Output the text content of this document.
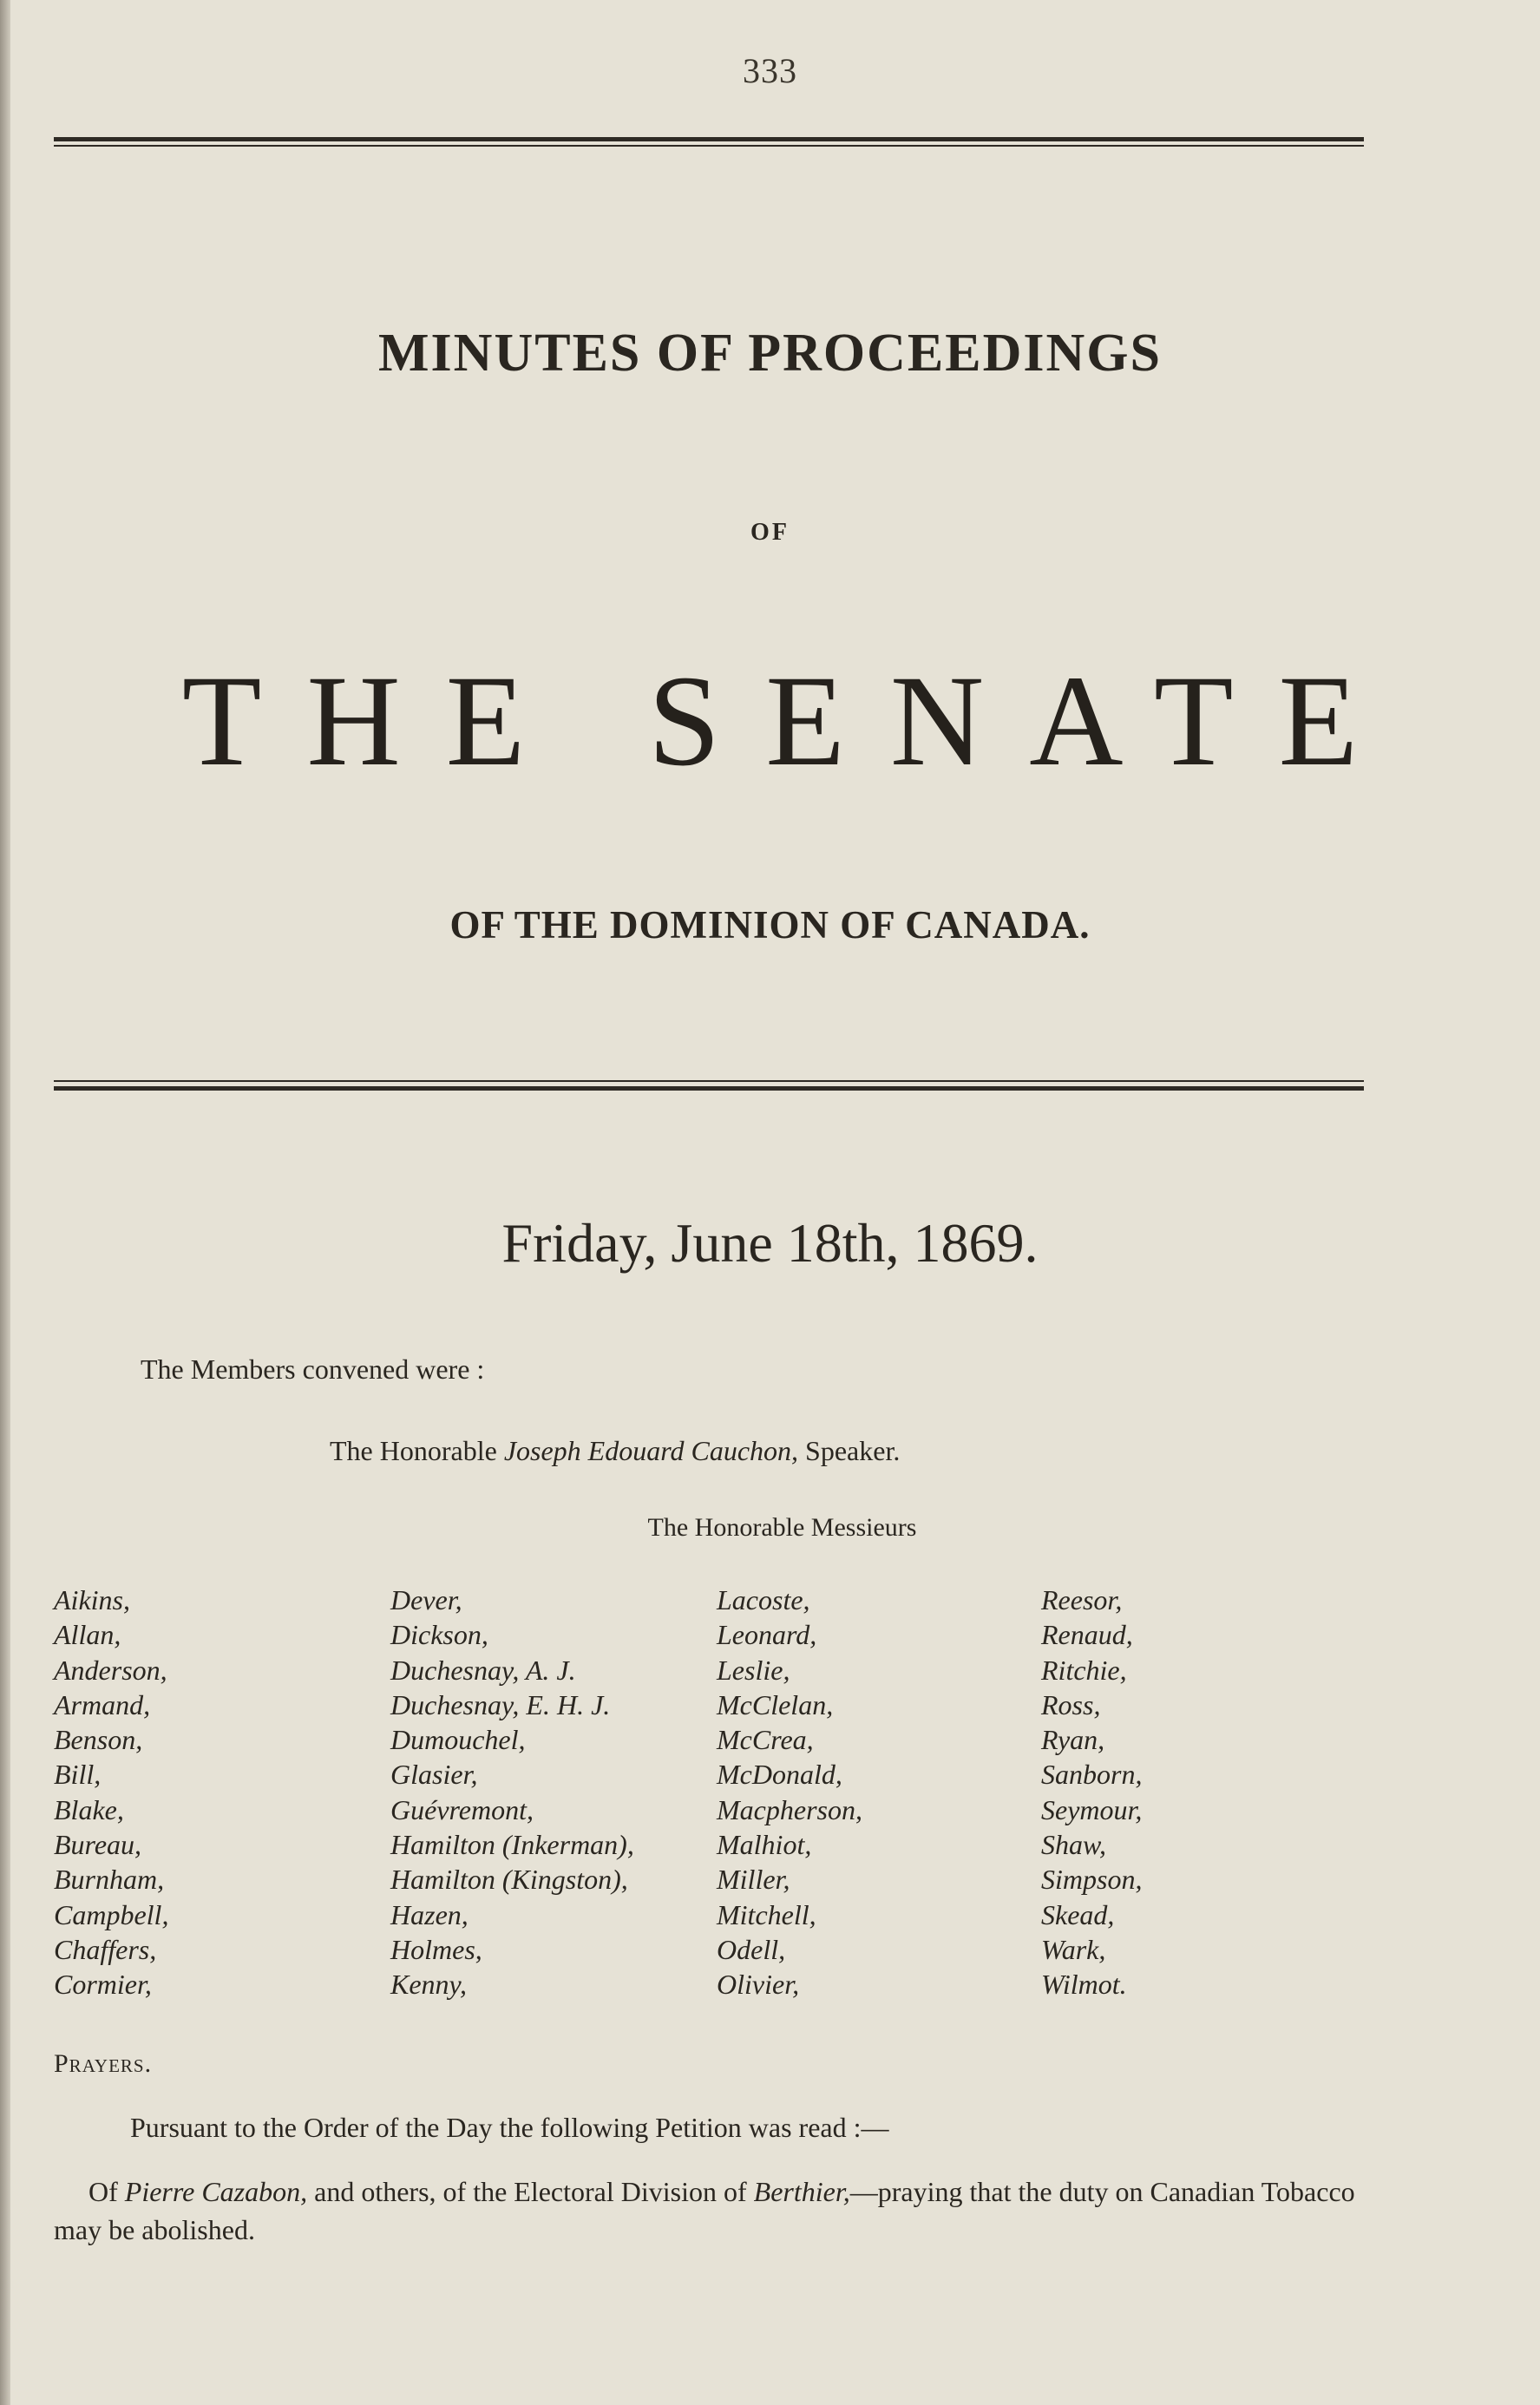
333
MINUTES OF PROCEEDINGS
OF
THE SENATE
OF THE DOMINION OF CANADA.
Friday, June 18th, 1869.
The Members convened were :
The Honorable Joseph Edouard Cauchon, Speaker.
The Honorable Messieurs
Aikins,
Allan,
Anderson,
Armand,
Benson,
Bill,
Blake,
Bureau,
Burnham,
Campbell,
Chaffers,
Cormier,
Dever,
Dickson,
Duchesnay, A. J.
Duchesnay, E. H. J.
Dumouchel,
Glasier,
Guévremont,
Hamilton (Inkerman),
Hamilton (Kingston),
Hazen,
Holmes,
Kenny,
Lacoste,
Leonard,
Leslie,
McClelan,
McCrea,
McDonald,
Macpherson,
Malhiot,
Miller,
Mitchell,
Odell,
Olivier,
Reesor,
Renaud,
Ritchie,
Ross,
Ryan,
Sanborn,
Seymour,
Shaw,
Simpson,
Skead,
Wark,
Wilmot.
Prayers.
Pursuant to the Order of the Day the following Petition was read :—
Of Pierre Cazabon, and others, of the Electoral Division of Berthier,—praying that the duty on Canadian Tobacco may be abolished.
